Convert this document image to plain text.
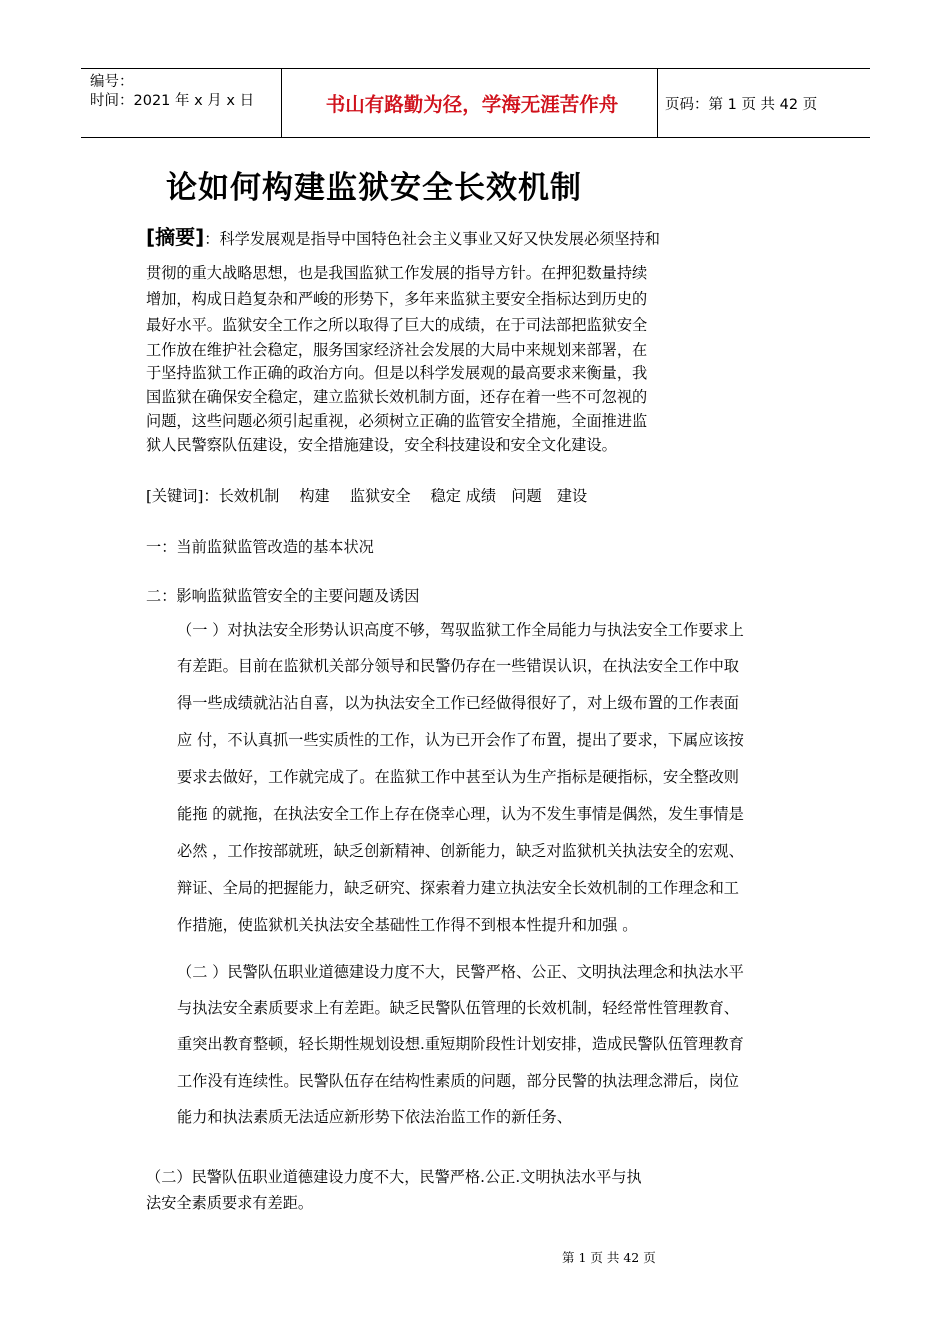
编号：
时间：2021 年 x 月 x 日	书山有路勤为径，学海无涯苦作舟	页码：第 1 页 共 42 页
论如何构建监狱安全长效机制
[摘要]：科学发展观是指导中国特色社会主义事业又好又快发展必须坚持和
贯彻的重大战略思想，也是我国监狱工作发展的指导方针。在押犯数量持续
增加，构成日趋复杂和严峻的形势下，多年来监狱主要安全指标达到历史的
最好水平。监狱安全工作之所以取得了巨大的成绩，在于司法部把监狱安全
工作放在维护社会稳定，服务国家经济社会发展的大局中来规划来部署，在
于坚持监狱工作正确的政治方向。但是以科学发展观的最高要求来衡量，我
国监狱在确保安全稳定，建立监狱长效机制方面，还存在着一些不可忽视的
问题，这些问题必须引起重视，必须树立正确的监管安全措施，全面推进监
狱人民警察队伍建设，安全措施建设，安全科技建设和安全文化建设。
[关键词]：长效机制　 构建　 监狱安全　 稳定 成绩　问题　建设
一：当前监狱监管改造的基本状况
二：影响监狱监管安全的主要问题及诱因
（一 ）对执法安全形势认识高度不够，驾驭监狱工作全局能力与执法安全工作要求上
有差距。目前在监狱机关部分领导和民警仍存在一些错误认识，在执法安全工作中取
得一些成绩就沾沾自喜，以为执法安全工作已经做得很好了，对上级布置的工作表面
应 付，不认真抓一些实质性的工作，认为已开会作了布置，提出了要求，下属应该按
要求去做好，工作就完成了。在监狱工作中甚至认为生产指标是硬指标，安全整改则
能拖 的就拖，在执法安全工作上存在侥幸心理，认为不发生事情是偶然，发生事情是
必然 ，工作按部就班，缺乏创新精神、创新能力，缺乏对监狱机关执法安全的宏观、
辩证、全局的把握能力，缺乏研究、探索着力建立执法安全长效机制的工作理念和工
作措施，使监狱机关执法安全基础性工作得不到根本性提升和加强 。
（二 ）民警队伍职业道德建设力度不大，民警严格、公正、文明执法理念和执法水平
与执法安全素质要求上有差距。缺乏民警队伍管理的长效机制，轻经常性管理教育、
重突出教育整顿，轻长期性规划设想.重短期阶段性计划安排，造成民警队伍管理教育
工作没有连续性。民警队伍存在结构性素质的问题，部分民警的执法理念滞后，岗位
能力和执法素质无法适应新形势下依法治监工作的新任务、
（二）民警队伍职业道德建设力度不大，民警严格.公正.文明执法水平与执
法安全素质要求有差距。
第 1 页 共 42 页
